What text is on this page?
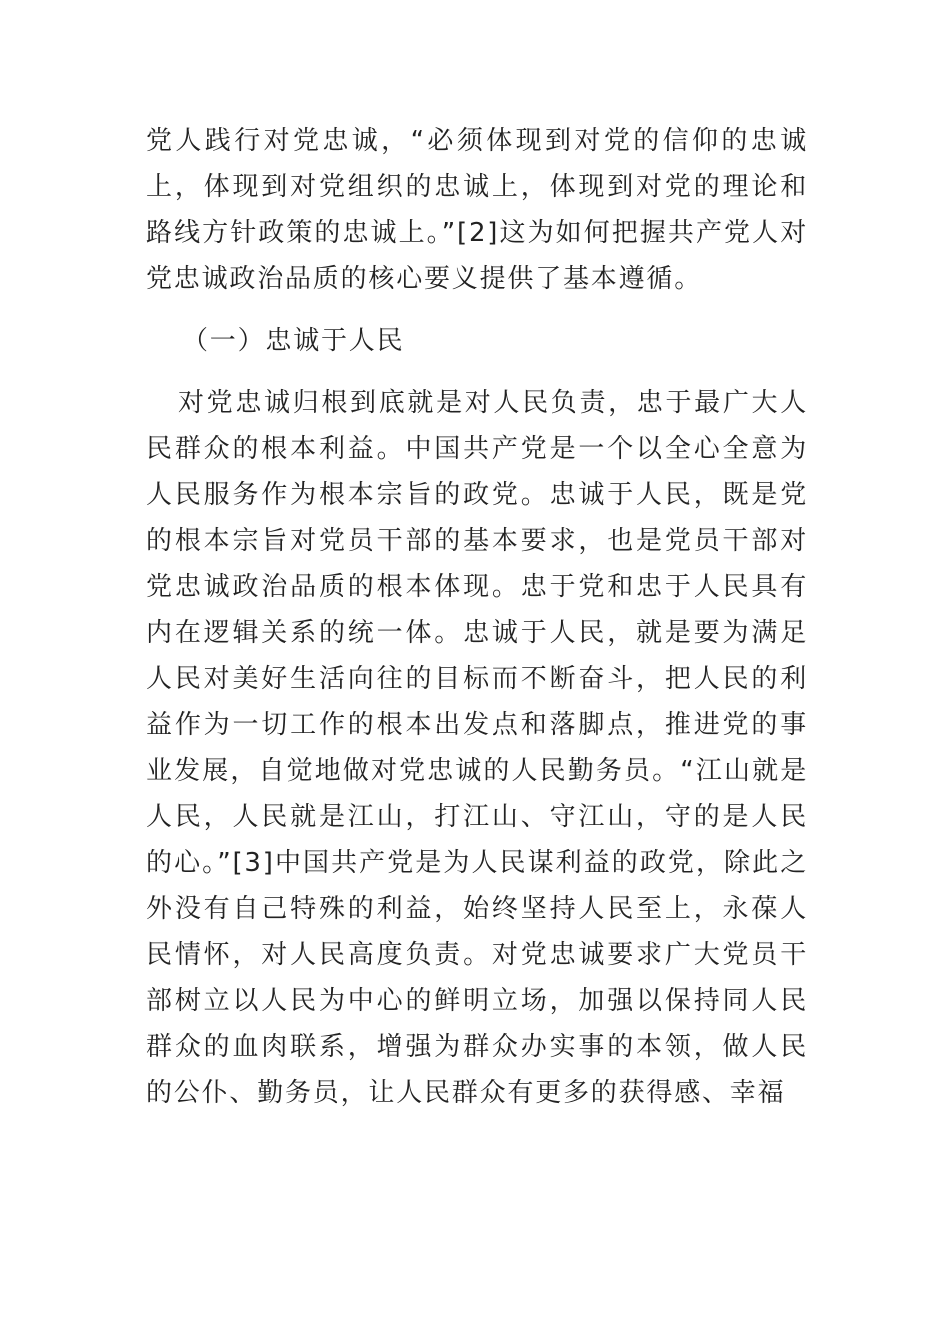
党人践行对党忠诚，“必须体现到对党的信仰的忠诚上，体现到对党组织的忠诚上，体现到对党的理论和路线方针政策的忠诚上。”[2]这为如何把握共产党人对党忠诚政治品质的核心要义提供了基本遵循。

（一）忠诚于人民

对党忠诚归根到底就是对人民负责，忠于最广大人民群众的根本利益。中国共产党是一个以全心全意为人民服务作为根本宗旨的政党。忠诚于人民，既是党的根本宗旨对党员干部的基本要求，也是党员干部对党忠诚政治品质的根本体现。忠于党和忠于人民具有内在逻辑关系的统一体。忠诚于人民，就是要为满足人民对美好生活向往的目标而不断奋斗，把人民的利益作为一切工作的根本出发点和落脚点，推进党的事业发展，自觉地做对党忠诚的人民勤务员。“江山就是人民，人民就是江山，打江山、守江山，守的是人民的心。”[3]中国共产党是为人民谋利益的政党，除此之外没有自己特殊的利益，始终坚持人民至上，永葆人民情怀，对人民高度负责。对党忠诚要求广大党员干部树立以人民为中心的鲜明立场，加强以保持同人民群众的血肉联系，增强为群众办实事的本领，做人民的公仆、勤务员，让人民群众有更多的获得感、幸福
